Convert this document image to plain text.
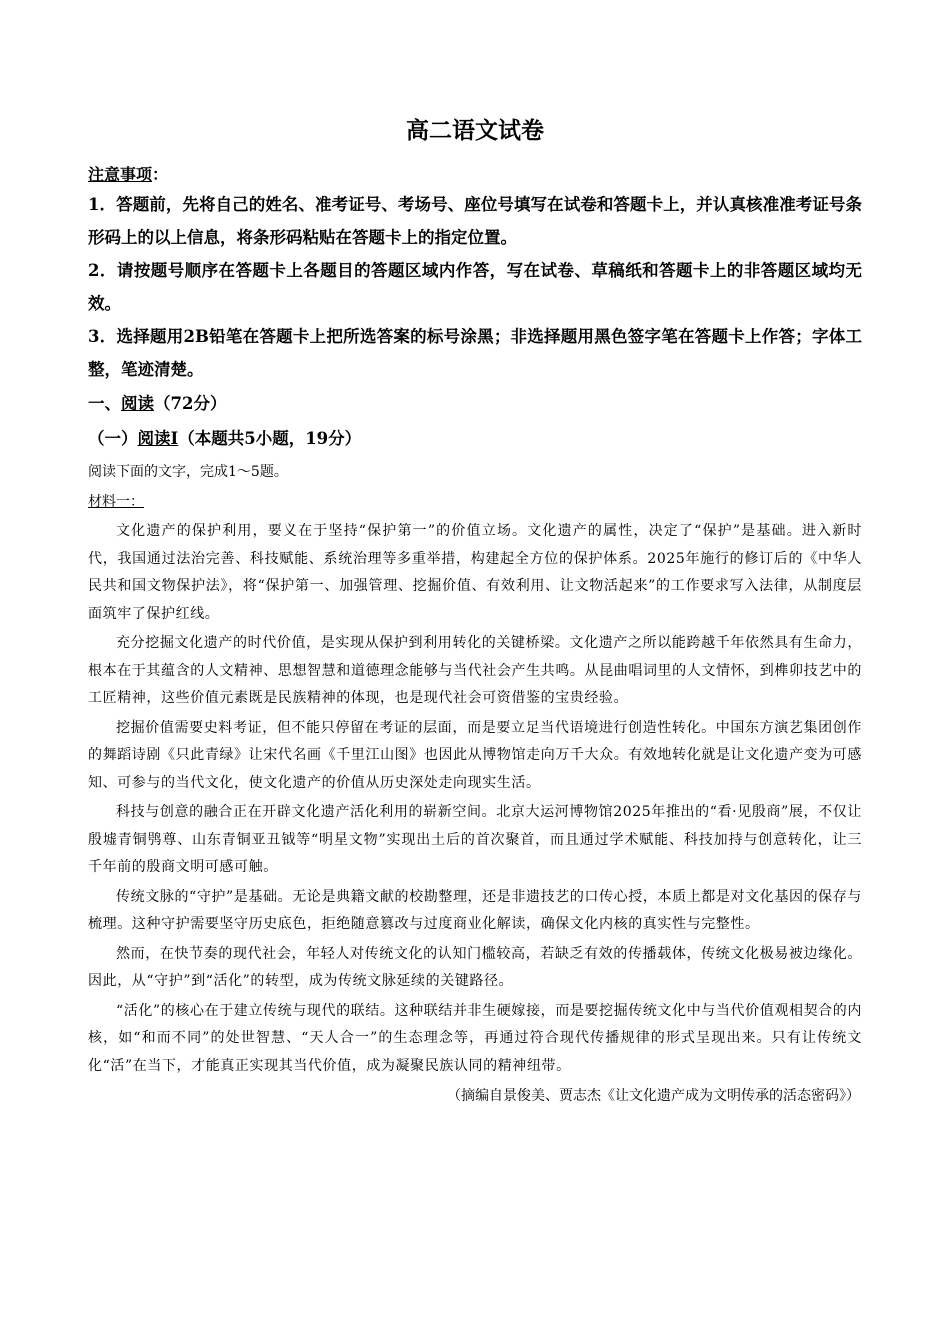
高二语文试卷
注意事项：
1．答题前，先将自己的姓名、准考证号、考场号、座位号填写在试卷和答题卡上，并认真核准准考证号条形码上的以上信息，将条形码粘贴在答题卡上的指定位置。
2．请按题号顺序在答题卡上各题目的答题区域内作答，写在试卷、草稿纸和答题卡上的非答题区域均无效。
3．选择题用2B铅笔在答题卡上把所选答案的标号涂黑；非选择题用黑色签字笔在答题卡上作答；字体工整，笔迹清楚。
一、阅读（72分）
（一）阅读Ⅰ（本题共5小题，19分）
阅读下面的文字，完成1～5题。
材料一：

文化遗产的保护利用，要义在于坚持“保护第一”的价值立场。文化遗产的属性，决定了“保护”是基础。进入新时代，我国通过法治完善、科技赋能、系统治理等多重举措，构建起全方位的保护体系。2025年施行的修订后的《中华人民共和国文物保护法》，将“保护第一、加强管理、挖掘价值、有效利用、让文物活起来”的工作要求写入法律，从制度层面筑牢了保护红线。

充分挖掘文化遗产的时代价值，是实现从保护到利用转化的关键桥梁。文化遗产之所以能跨越千年依然具有生命力，根本在于其蕴含的人文精神、思想智慧和道德理念能够与当代社会产生共鸣。从昆曲唱词里的人文情怀，到榫卯技艺中的工匠精神，这些价值元素既是民族精神的体现，也是现代社会可资借鉴的宝贵经验。

挖掘价值需要史料考证，但不能只停留在考证的层面，而是要立足当代语境进行创造性转化。中国东方演艺集团创作的舞蹈诗剧《只此青绿》让宋代名画《千里江山图》也因此从博物馆走向万千大众。有效地转化就是让文化遗产变为可感知、可参与的当代文化，使文化遗产的价值从历史深处走向现实生活。

科技与创意的融合正在开辟文化遗产活化利用的崭新空间。北京大运河博物馆2025年推出的“看·见殷商”展，不仅让殷墟青铜鸮尊、山东青铜亚丑钺等“明星文物”实现出土后的首次聚首，而且通过学术赋能、科技加持与创意转化，让三千年前的殷商文明可感可触。

传统文脉的“守护”是基础。无论是典籍文献的校勘整理，还是非遗技艺的口传心授，本质上都是对文化基因的保存与梳理。这种守护需要坚守历史底色，拒绝随意篡改与过度商业化解读，确保文化内核的真实性与完整性。

然而，在快节奏的现代社会，年轻人对传统文化的认知门槛较高，若缺乏有效的传播载体，传统文化极易被边缘化。因此，从“守护”到“活化”的转型，成为传统文脉延续的关键路径。

“活化”的核心在于建立传统与现代的联结。这种联结并非生硬嫁接，而是要挖掘传统文化中与当代价值观相契合的内核，如“和而不同”的处世智慧、“天人合一”的生态理念等，再通过符合现代传播规律的形式呈现出来。只有让传统文化“活”在当下，才能真正实现其当代价值，成为凝聚民族认同的精神纽带。

（摘编自景俊美、贾志杰《让文化遗产成为文明传承的活态密码》）
